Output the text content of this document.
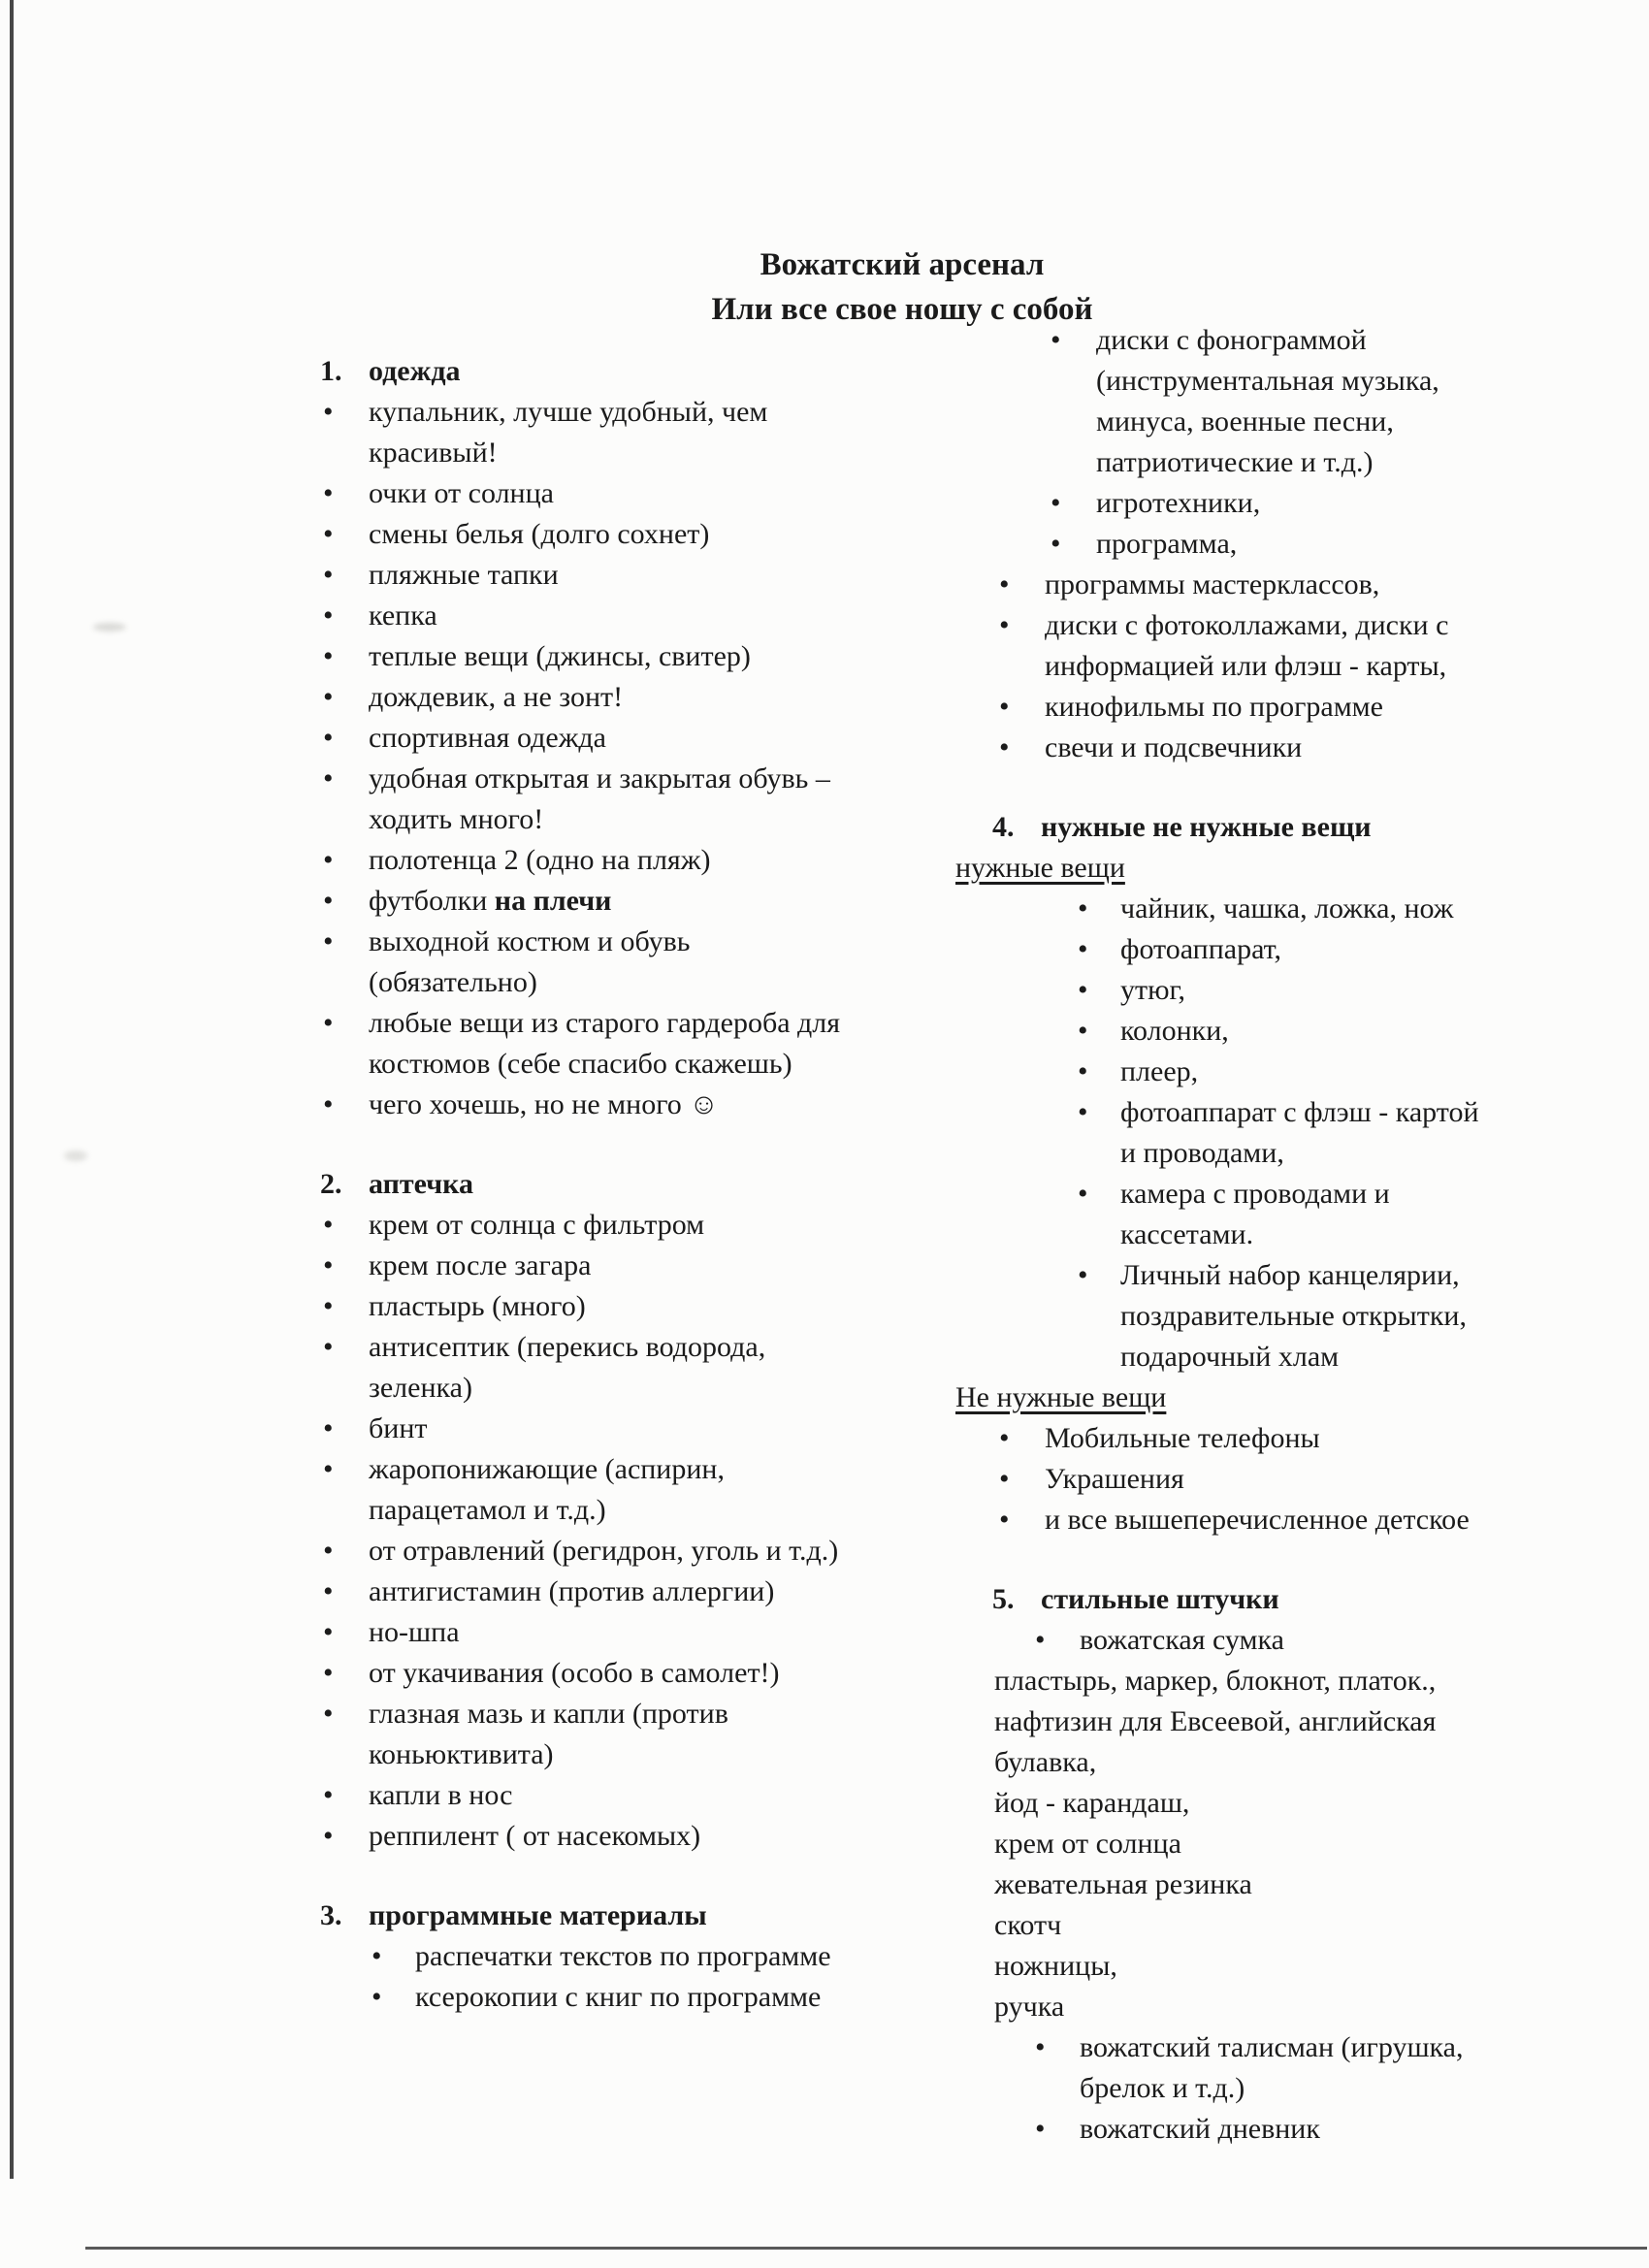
Вожатский арсенал
Или все свое ношу с собой
1. одежда
• купальник, лучше удобный, чем красивый!
• очки от солнца
• смены белья (долго сохнет)
• пляжные тапки
• кепка
• теплые вещи (джинсы, свитер)
• дождевик, а не зонт!
• спортивная одежда
• удобная открытая и закрытая обувь – ходить много!
• полотенца 2 (одно на пляж)
• футболки на плечи
• выходной костюм и обувь (обязательно)
• любые вещи из старого гардероба для костюмов (себе спасибо скажешь)
• чего хочешь, но не много ☺
2. аптечка
• крем от солнца с фильтром
• крем после загара
• пластырь (много)
• антисептик (перекись водорода, зеленка)
• бинт
• жаропонижающие (аспирин, парацетамол и т.д.)
• от отравлений (регидрон, уголь и т.д.)
• антигистамин (против аллергии)
• но-шпа
• от укачивания (особо в самолет!)
• глазная мазь и капли (против коньюктивита)
• капли в нос
• реппилент ( от насекомых)
3. программные материалы
• распечатки текстов по программе
• ксерокопии с книг по программе
• диски с фонограммой (инструментальная музыка, минуса, военные песни, патриотические и т.д.)
• игротехники,
• программа,
• программы мастерклассов,
• диски с фотоколлажами, диски с информацией или флэш - карты,
• кинофильмы по программе
• свечи и подсвечники
4. нужные не нужные вещи
нужные вещи
• чайник, чашка, ложка, нож
• фотоаппарат,
• утюг,
• колонки,
• плеер,
• фотоаппарат с флэш - картой и проводами,
• камера с проводами и кассетами.
• Личный набор канцелярии, поздравительные открытки, подарочный хлам
Не нужные вещи
• Мобильные телефоны
• Украшения
• и все вышеперечисленное детское
5. стильные штучки
• вожатская сумка
пластырь, маркер, блокнот, платок., нафтизин для Евсеевой, английская булавка,
йод - карандаш,
крем от солнца
жевательная резинка
скотч
ножницы,
ручка
• вожатский талисман (игрушка, брелок и т.д.)
• вожатский дневник
